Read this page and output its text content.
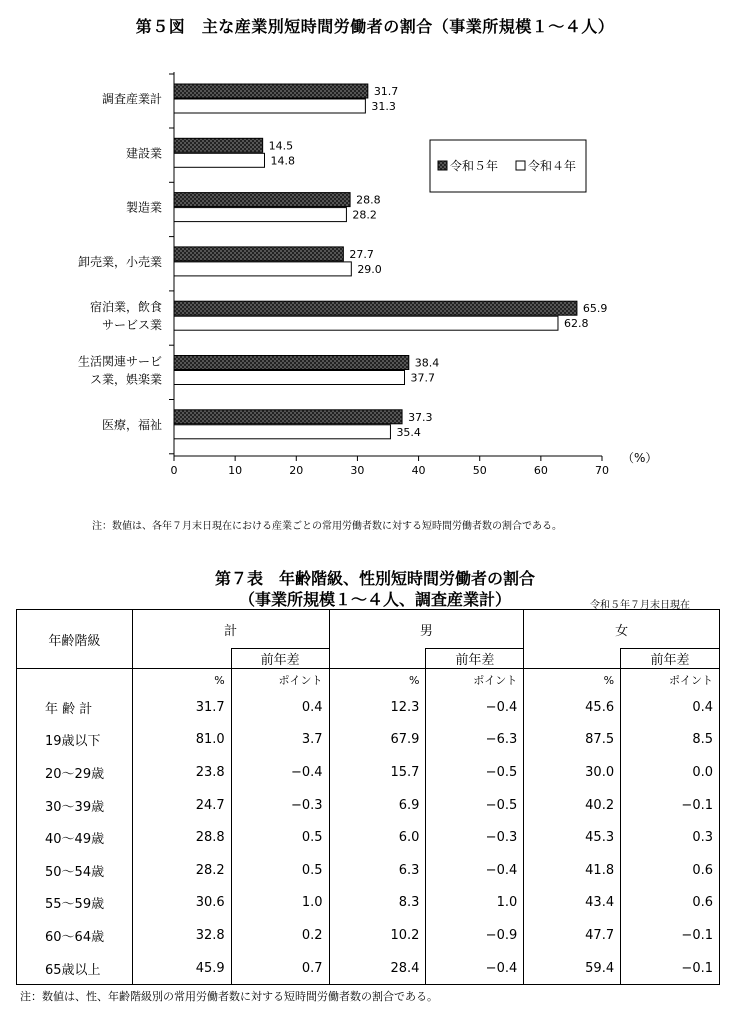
第５図　主な産業別短時間労働者の割合（事業所規模１～４人）
0	10	20	30	40	50	60	70
（%）
調査産業計
31.7
31.3
建設業
14.5
14.8
製造業
28.8
28.2
卸売業，小売業
27.7
29.0
宿泊業，飲食
サービス業
65.9
62.8
生活関連サービ
ス業，娯楽業
38.4
37.7
医療，福祉
37.3
35.4
令和５年 令和４年
注：数値は、各年７月末日現在における産業ごとの常用労働者数に対する短時間労働者数の割合である。
第７表　年齢階級、性別短時間労働者の割合
（事業所規模１～４人、調査産業計）	令和５年７月末日現在
年齢階級	計		男		女	
		前年差		前年差		前年差
	%	ポイント	%	ポイント	%	ポイント
年 齢 計	31.7	0.4	12.3	−0.4	45.6	0.4
19歳以下	81.0	3.7	67.9	−6.3	87.5	8.5
20～29歳	23.8	−0.4	15.7	−0.5	30.0	0.0
30～39歳	24.7	−0.3	6.9	−0.5	40.2	−0.1
40～49歳	28.8	0.5	6.0	−0.3	45.3	0.3
50～54歳	28.2	0.5	6.3	−0.4	41.8	0.6
55～59歳	30.6	1.0	8.3	1.0	43.4	0.6
60～64歳	32.8	0.2	10.2	−0.9	47.7	−0.1
65歳以上	45.9	0.7	28.4	−0.4	59.4	−0.1
注：数値は、性、年齢階級別の常用労働者数に対する短時間労働者数の割合である。
